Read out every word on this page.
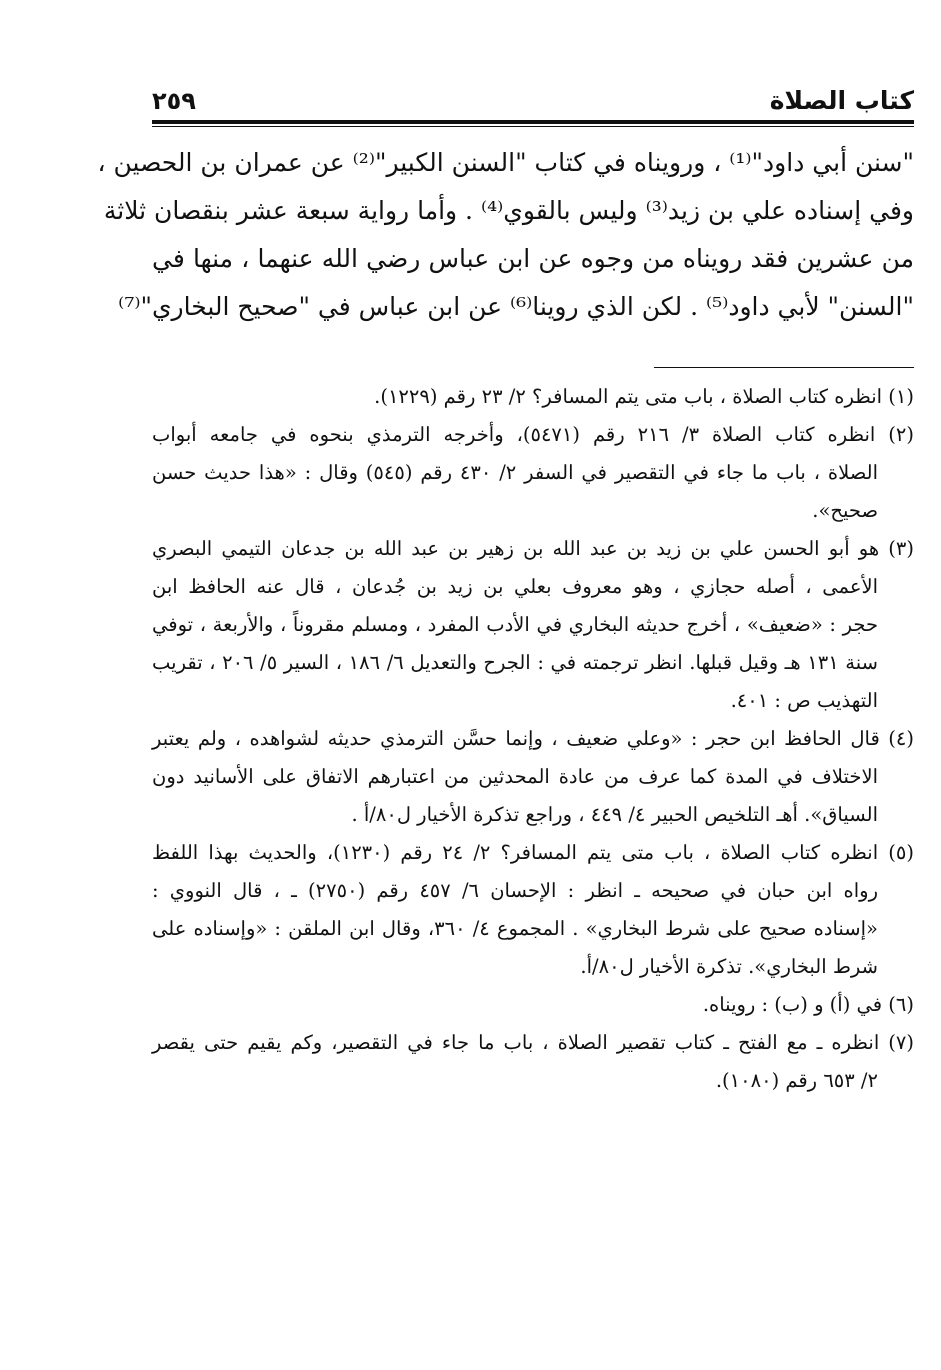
كتاب الصلاة
٢٥٩
"سنن أبي داود"⁽¹⁾ ، ورويناه في كتاب "السنن الكبير"⁽²⁾ عن عمران بن الحصين ،
وفي إسناده علي بن زيد⁽³⁾ وليس بالقوي⁽⁴⁾ . وأما رواية سبعة عشر بنقصان ثلاثة
من عشرين فقد رويناه من وجوه عن ابن عباس رضي الله عنهما ، منها في
"السنن" لأبي داود⁽⁵⁾ . لكن الذي روينا⁽⁶⁾ عن ابن عباس في "صحيح البخاري"⁽⁷⁾
(١) انظره كتاب الصلاة ، باب متى يتم المسافر؟ ٢/ ٢٣ رقم (١٢٢٩).
(٢) انظره كتاب الصلاة ٣/ ٢١٦ رقم (٥٤٧١)، وأخرجه الترمذي بنحوه في جامعه أبواب
الصلاة ، باب ما جاء في التقصير في السفر ٢/ ٤٣٠ رقم (٥٤٥) وقال : «هذا حديث حسن
صحيح».
(٣) هو أبو الحسن علي بن زيد بن عبد الله بن زهير بن عبد الله بن جدعان التيمي البصري
الأعمى ، أصله حجازي ، وهو معروف بعلي بن زيد بن جُدعان ، قال عنه الحافظ ابن
حجر : «ضعيف» ، أخرج حديثه البخاري في الأدب المفرد ، ومسلم مقروناً ، والأربعة ، توفي
سنة ١٣١ هـ وقيل قبلها. انظر ترجمته في : الجرح والتعديل ٦/ ١٨٦ ، السير ٥/ ٢٠٦ ، تقريب
التهذيب ص : ٤٠١.
(٤) قال الحافظ ابن حجر : «وعلي ضعيف ، وإنما حسَّن الترمذي حديثه لشواهده ، ولم يعتبر
الاختلاف في المدة كما عرف من عادة المحدثين من اعتبارهم الاتفاق على الأسانيد دون
السياق». أهـ التلخيص الحبير ٤/ ٤٤٩ ، وراجع تذكرة الأخيار ل٨٠/أ .
(٥) انظره كتاب الصلاة ، باب متى يتم المسافر؟ ٢/ ٢٤ رقم (١٢٣٠)، والحديث بهذا اللفظ
رواه ابن حبان في صحيحه ـ انظر : الإحسان ٦/ ٤٥٧ رقم (٢٧٥٠) ـ ، قال النووي :
«إسناده صحيح على شرط البخاري» . المجموع ٤/ ٣٦٠، وقال ابن الملقن : «وإسناده على
شرط البخاري». تذكرة الأخيار ل٨٠/أ.
(٦) في (أ) و (ب) : رويناه.
(٧) انظره ـ مع الفتح ـ كتاب تقصير الصلاة ، باب ما جاء في التقصير، وكم يقيم حتى يقصر
٢/ ٦٥٣ رقم (١٠٨٠).
